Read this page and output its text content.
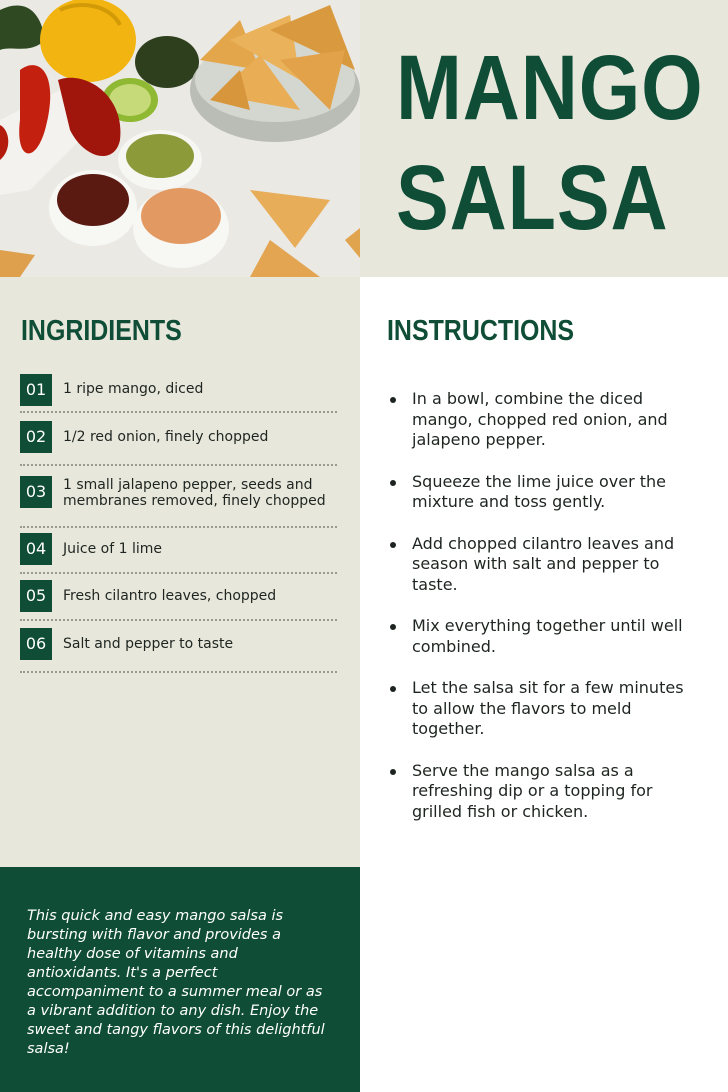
MANGO
SALSA
INGRIDIENTS
01	1 ripe mango, diced
02	1/2 red onion, finely chopped
03	1 small jalapeno pepper, seeds and membranes removed, finely chopped
04	Juice of 1 lime
05	Fresh cilantro leaves, chopped
06	Salt and pepper to taste
INSTRUCTIONS
In a bowl, combine the diced mango, chopped red onion, and jalapeno pepper.
Squeeze the lime juice over the mixture and toss gently.
Add chopped cilantro leaves and season with salt and pepper to taste.
Mix everything together until well combined.
Let the salsa sit for a few minutes to allow the flavors to meld together.
Serve the mango salsa as a refreshing dip or a topping for grilled fish or chicken.
This quick and easy mango salsa is bursting with flavor and provides a healthy dose of vitamins and antioxidants. It's a perfect accompaniment to a summer meal or as a vibrant addition to any dish. Enjoy the sweet and tangy flavors of this delightful salsa!
